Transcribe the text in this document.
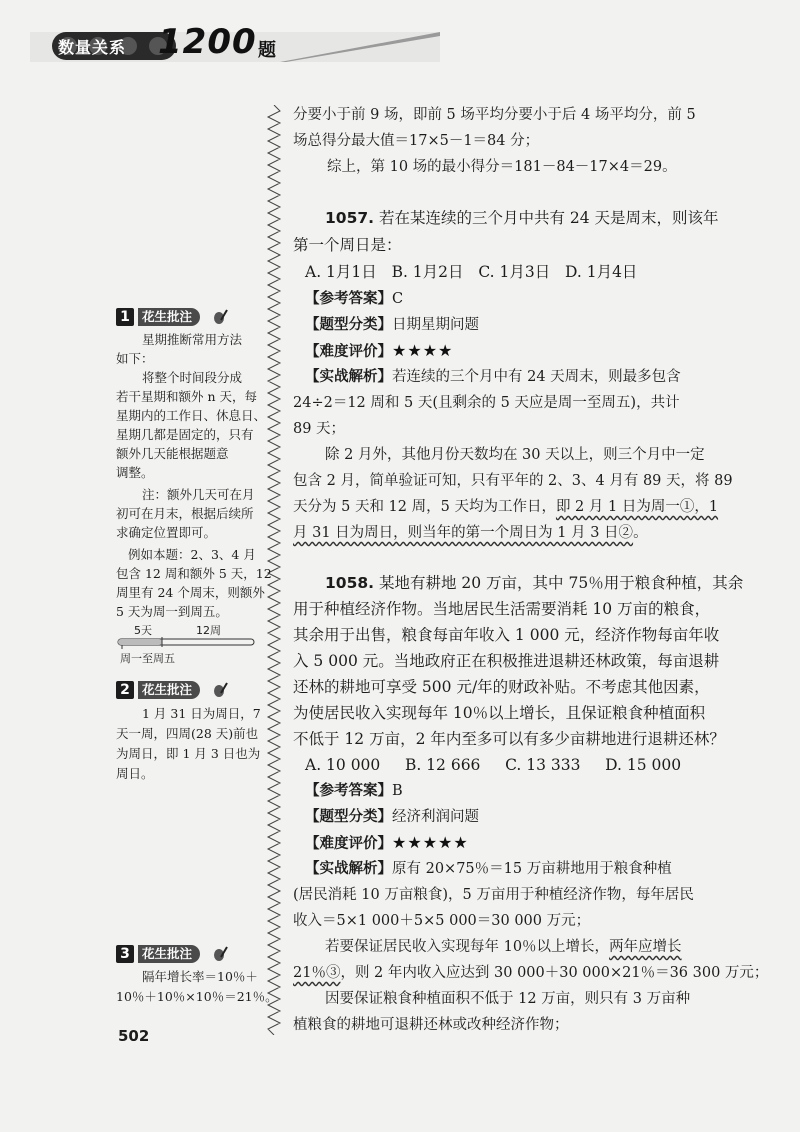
数量关系 1200 题
分要小于前 9 场，即前 5 场平均分要小于后 4 场平均分，前 5
场总得分最大值＝17×5－1＝84 分；
综上，第 10 场的最小得分＝181－84－17×4＝29。
1057. 若在某连续的三个月中共有 24 天是周末，则该年
第一个周日是：
A. 1月1日 B. 1月2日 C. 1月3日 D. 1月4日
【参考答案】C
【题型分类】日期星期问题
【难度评价】★★★★
【实战解析】若连续的三个月中有 24 天周末，则最多包含
24÷2＝12 周和 5 天(且剩余的 5 天应是周一至周五)，共计
89 天；
除 2 月外，其他月份天数均在 30 天以上，则三个月中一定
包含 2 月，简单验证可知，只有平年的 2、3、4 月有 89 天，将 89
天分为 5 天和 12 周，5 天均为工作日，即 2 月 1 日为周一①，1
月 31 日为周日，则当年的第一个周日为 1 月 3 日②。
1058. 某地有耕地 20 万亩，其中 75％用于粮食种植，其余
用于种植经济作物。当地居民生活需要消耗 10 万亩的粮食，
其余用于出售，粮食每亩年收入 1 000 元，经济作物每亩年收
入 5 000 元。当地政府正在积极推进退耕还林政策，每亩退耕
还林的耕地可享受 500 元/年的财政补贴。不考虑其他因素，
为使居民收入实现每年 10％以上增长，且保证粮食种植面积
不低于 12 万亩，2 年内至多可以有多少亩耕地进行退耕还林？
A. 10 000 B. 12 666 C. 13 333 D. 15 000
【参考答案】B
【题型分类】经济利润问题
【难度评价】★★★★★
【实战解析】原有 20×75％＝15 万亩耕地用于粮食种植
(居民消耗 10 万亩粮食)，5 万亩用于种植经济作物，每年居民
收入＝5×1 000＋5×5 000＝30 000 万元；
若要保证居民收入实现每年 10％以上增长，两年应增长
21％③，则 2 年内收入应达到 30 000＋30 000×21％＝36 300 万元；
因要保证粮食种植面积不低于 12 万亩，则只有 3 万亩种
植粮食的耕地可退耕还林或改种经济作物；
1 花生批注
星期推断常用方法
如下：
将整个时间段分成
若干星期和额外 n 天，每
星期内的工作日、休息日、
星期几都是固定的，只有
额外几天能根据题意
调整。
注：额外几天可在月
初可在月末，根据后续所
求确定位置即可。
例如本题：2、3、4 月
包含 12 周和额外 5 天，12
周里有 24 个周末，则额外
5 天为周一到周五。
5天	12周
周一至周五
2 花生批注
1 月 31 日为周日，7
天一周，四周(28 天)前也
为周日，即 1 月 3 日也为
周日。
3 花生批注
隔年增长率＝10％＋
10％＋10％×10％＝21％。
502
